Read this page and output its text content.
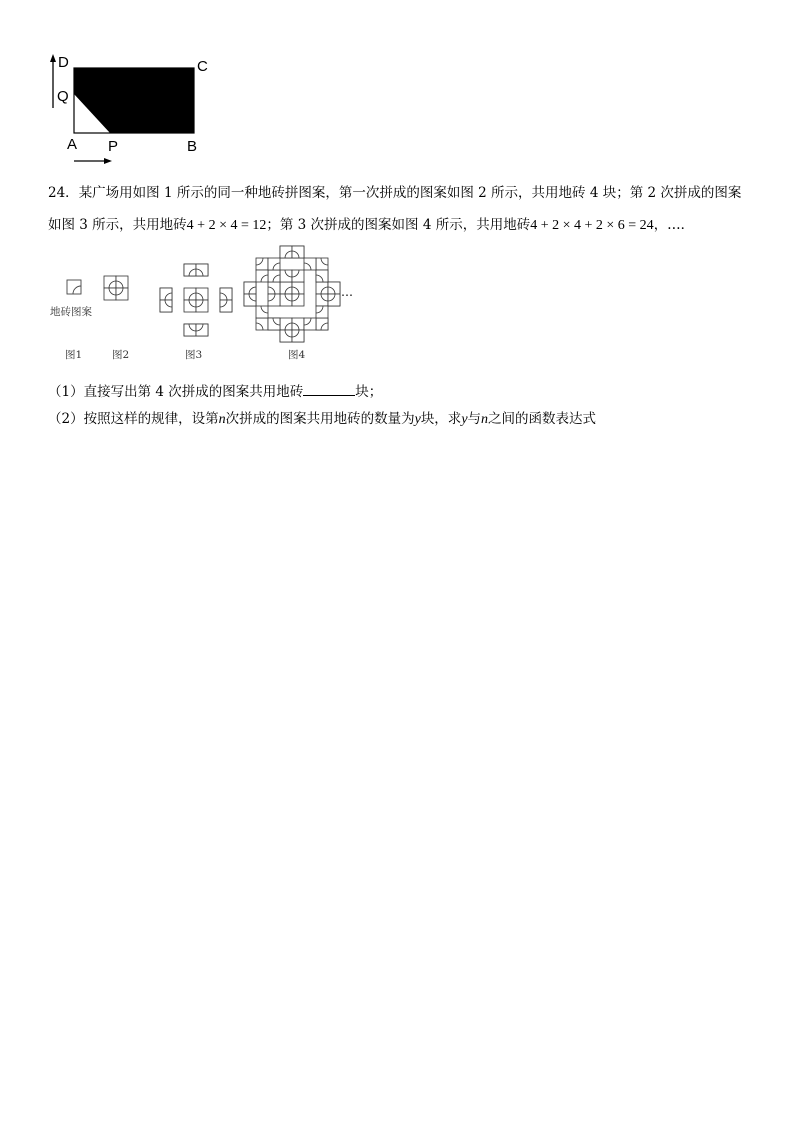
D	C
Q
A P	B
24．某广场用如图 1 所示的同一种地砖拼图案，第一次拼成的图案如图 2 所示，共用地砖 4 块；第 2 次拼成的图案
如图 3 所示，共用地砖4 + 2 × 4 = 12；第 3 次拼成的图案如图 4 所示，共用地砖4 + 2 × 4 + 2 × 6 = 24，…．
…
地砖图案
图1	图2	图3	图4
（1）直接写出第 4 次拼成的图案共用地砖	块；
（2）按照这样的规律，设第n次拼成的图案共用地砖的数量为y块，求y与n之间的函数表达式
